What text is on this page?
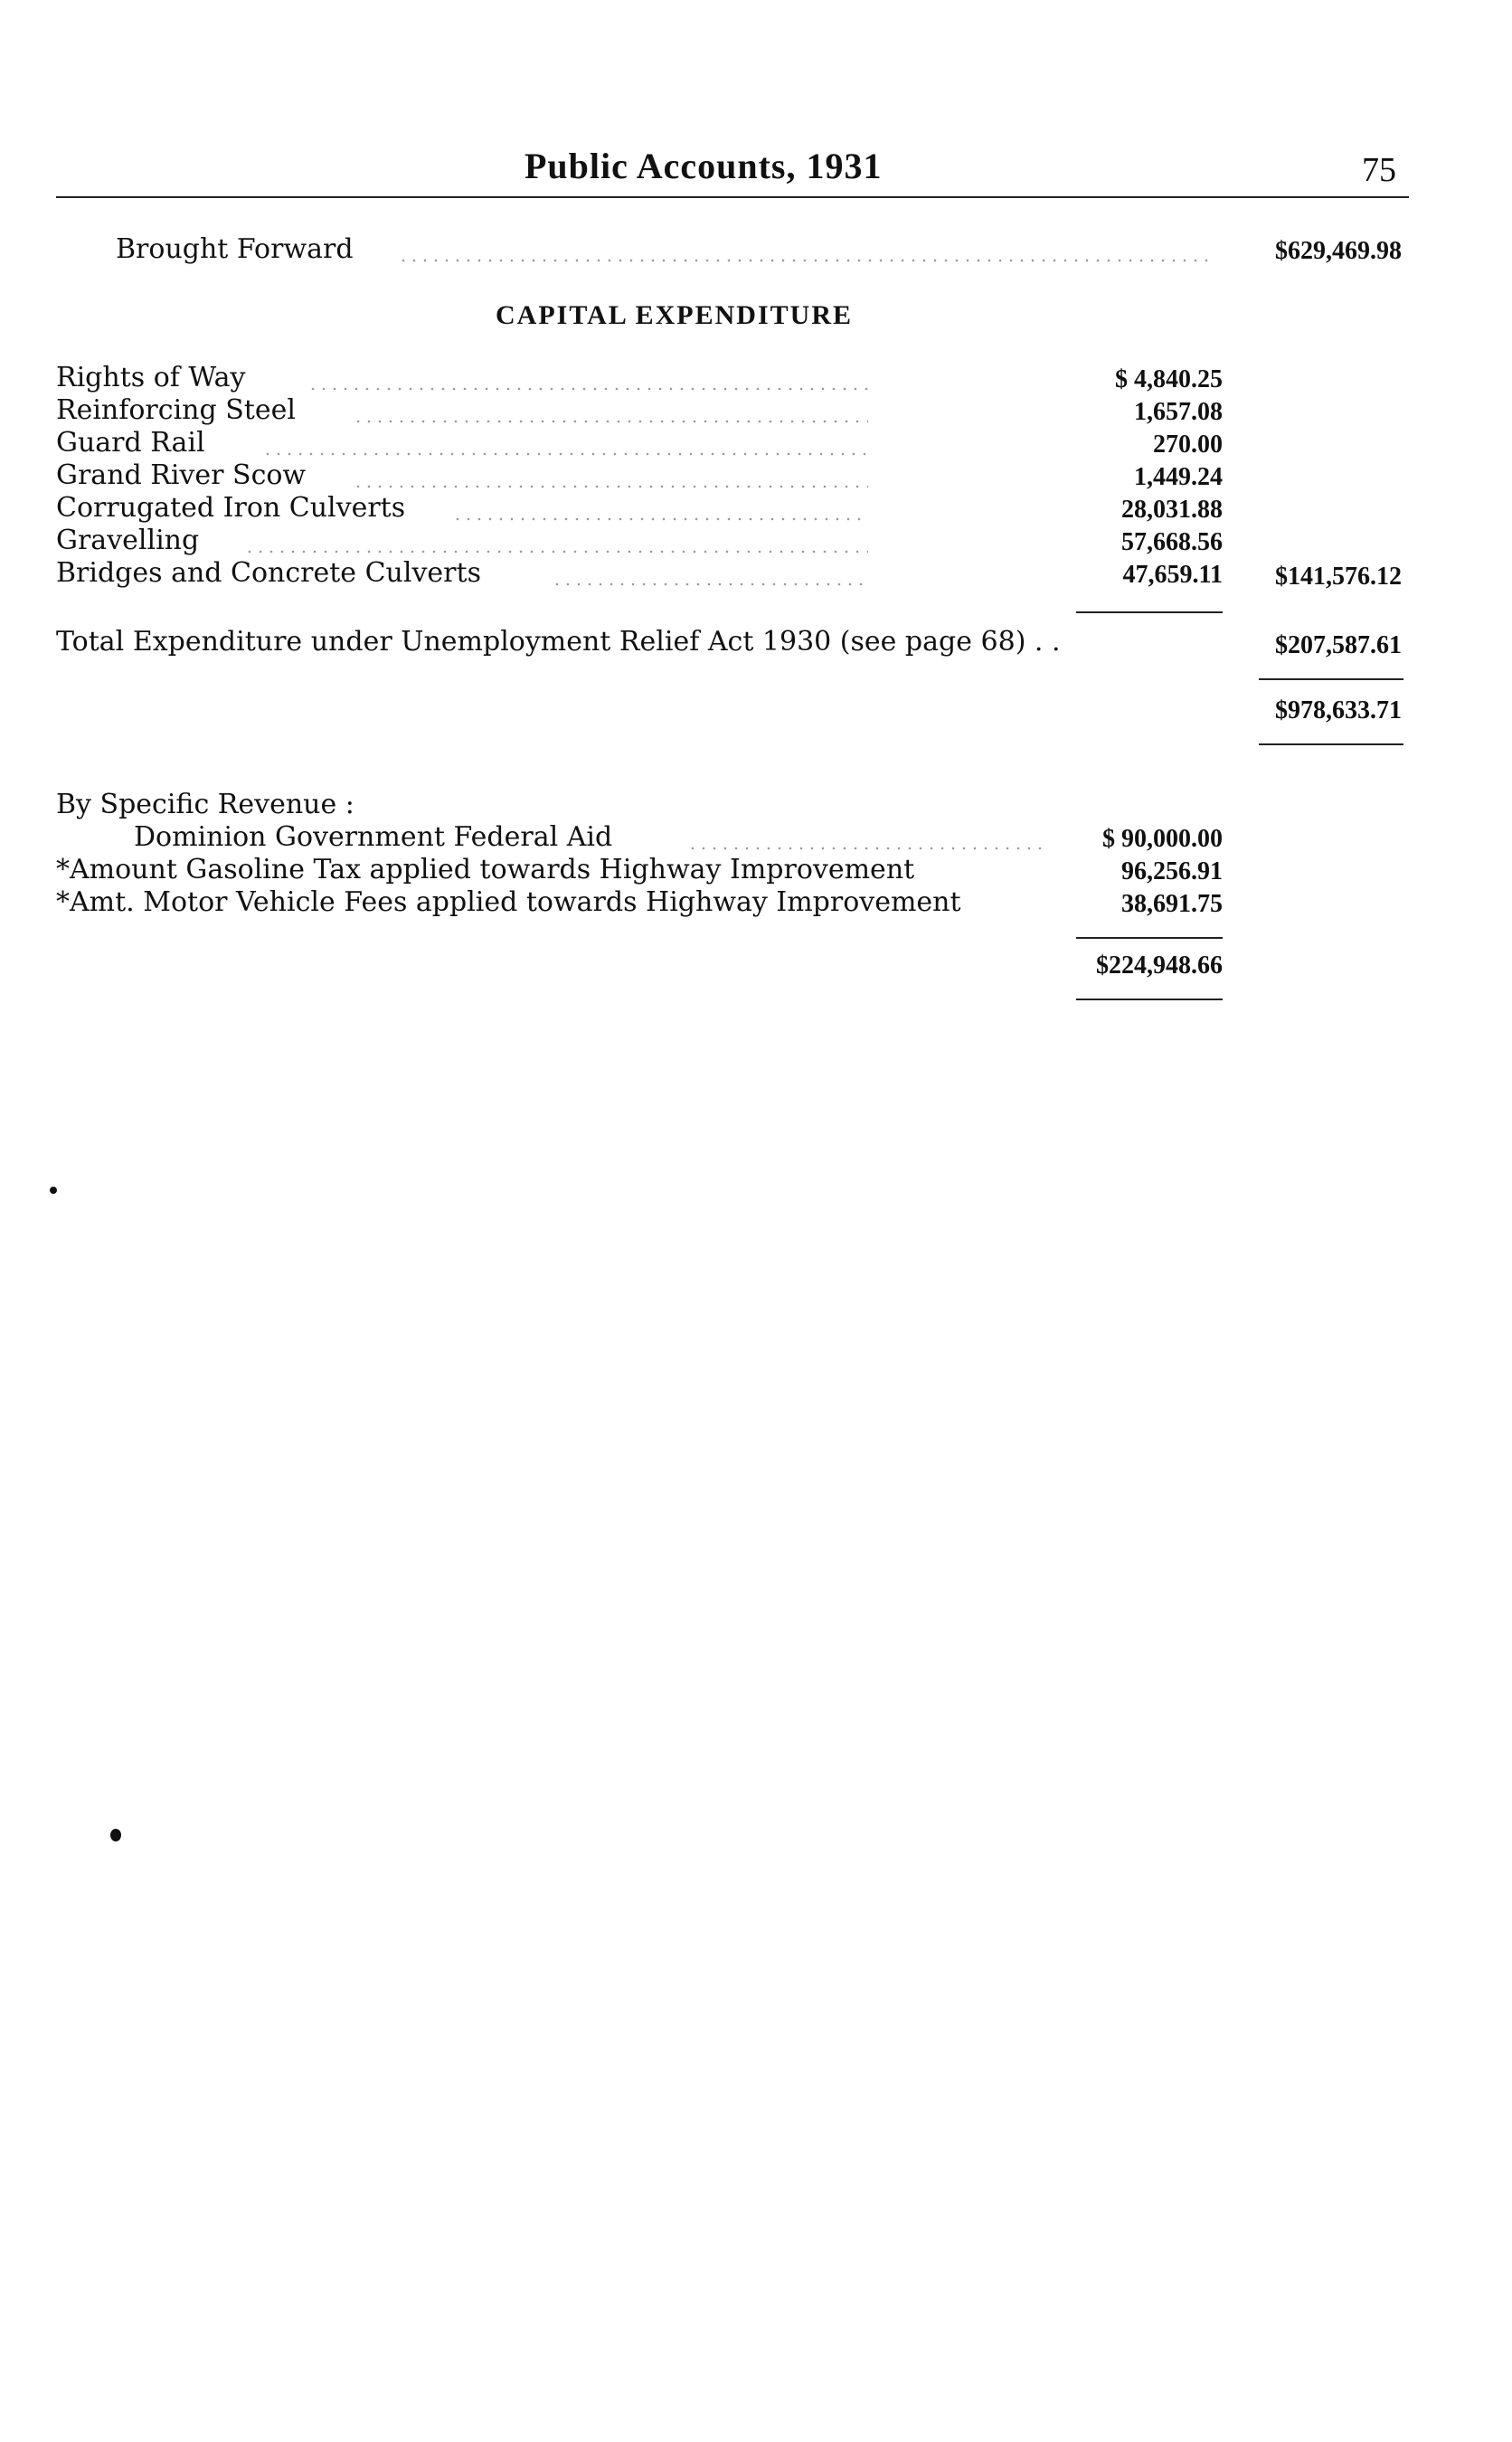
Public Accounts, 1931	75
Brought Forward	$629,469.98
CAPITAL EXPENDITURE
Rights of Way	$ 4,840.25
Reinforcing Steel	1,657.08
Guard Rail	270.00
Grand River Scow	1,449.24
Corrugated Iron Culverts	28,031.88
Gravelling	57,668.56
Bridges and Concrete Culverts	47,659.11 $141,576.12
Total Expenditure under Unemployment Relief Act 1930 (see page 68) . .	$207,587.61
$978,633.71
By Specific Revenue :
Dominion Government Federal Aid	$ 90,000.00
*Amount Gasoline Tax applied towards Highway Improvement	96,256.91
*Amt. Motor Vehicle Fees applied towards Highway Improvement	38,691.75
$224,948.66
